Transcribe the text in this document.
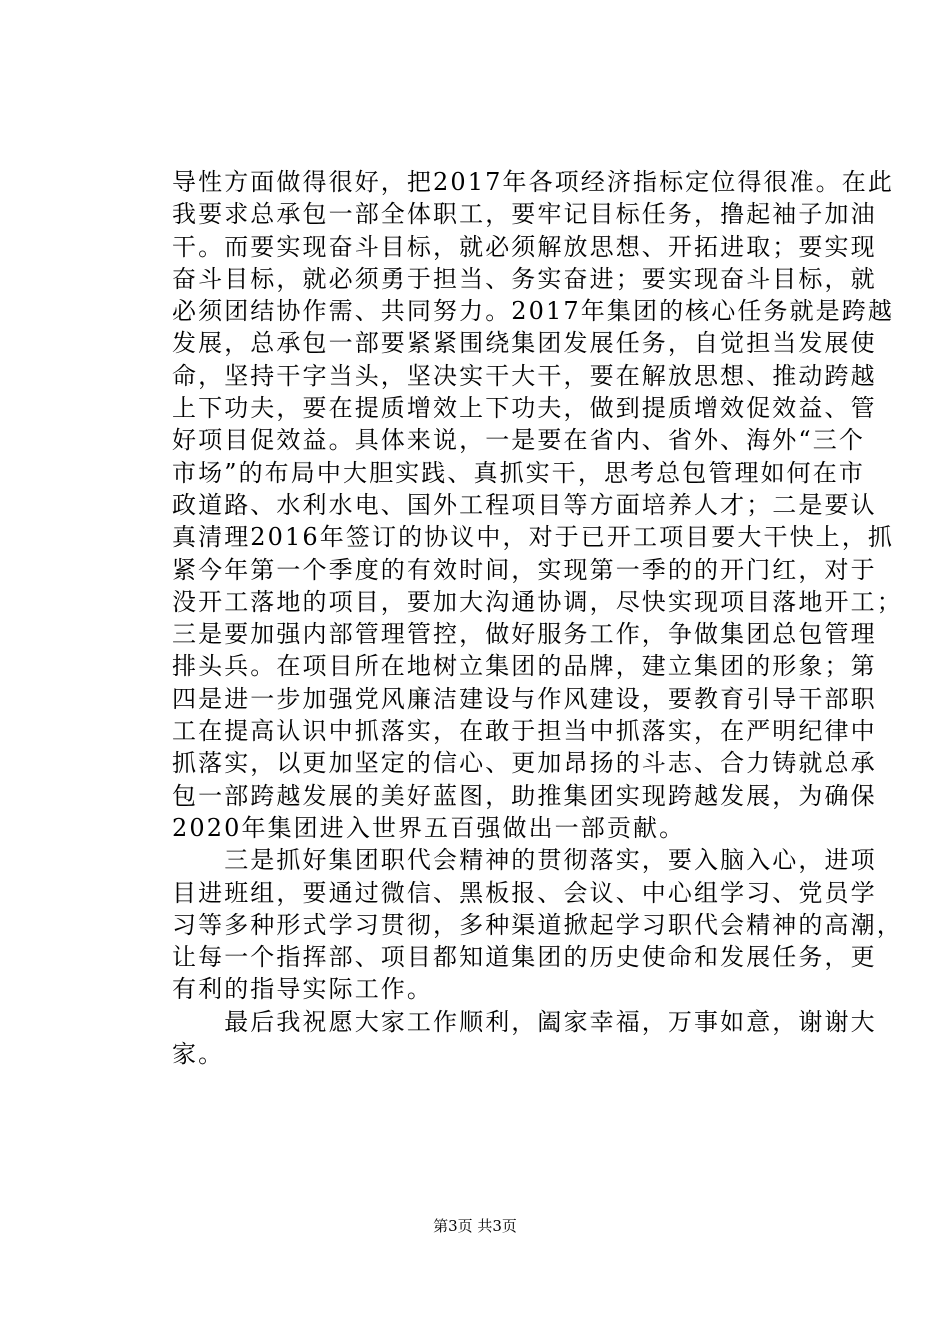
导性方面做得很好，把2017年各项经济指标定位得很准。在此
我要求总承包一部全体职工，要牢记目标任务，撸起袖子加油
干。而要实现奋斗目标，就必须解放思想、开拓进取；要实现
奋斗目标，就必须勇于担当、务实奋进；要实现奋斗目标，就
必须团结协作需、共同努力。2017年集团的核心任务就是跨越
发展，总承包一部要紧紧围绕集团发展任务，自觉担当发展使
命，坚持干字当头，坚决实干大干，要在解放思想、推动跨越
上下功夫，要在提质增效上下功夫，做到提质增效促效益、管
好项目促效益。具体来说，一是要在省内、省外、海外“三个
市场”的布局中大胆实践、真抓实干，思考总包管理如何在市
政道路、水利水电、国外工程项目等方面培养人才；二是要认
真清理2016年签订的协议中，对于已开工项目要大干快上，抓
紧今年第一个季度的有效时间，实现第一季的的开门红，对于
没开工落地的项目，要加大沟通协调，尽快实现项目落地开工；
三是要加强内部管理管控，做好服务工作，争做集团总包管理
排头兵。在项目所在地树立集团的品牌，建立集团的形象；第
四是进一步加强党风廉洁建设与作风建设，要教育引导干部职
工在提高认识中抓落实，在敢于担当中抓落实，在严明纪律中
抓落实，以更加坚定的信心、更加昂扬的斗志、合力铸就总承
包一部跨越发展的美好蓝图，助推集团实现跨越发展，为确保
2020年集团进入世界五百强做出一部贡献。
　　三是抓好集团职代会精神的贯彻落实，要入脑入心，进项
目进班组，要通过微信、黑板报、会议、中心组学习、党员学
习等多种形式学习贯彻，多种渠道掀起学习职代会精神的高潮，
让每一个指挥部、项目都知道集团的历史使命和发展任务，更
有利的指导实际工作。
　　最后我祝愿大家工作顺利，阖家幸福，万事如意，谢谢大
家。
第3页 共3页
